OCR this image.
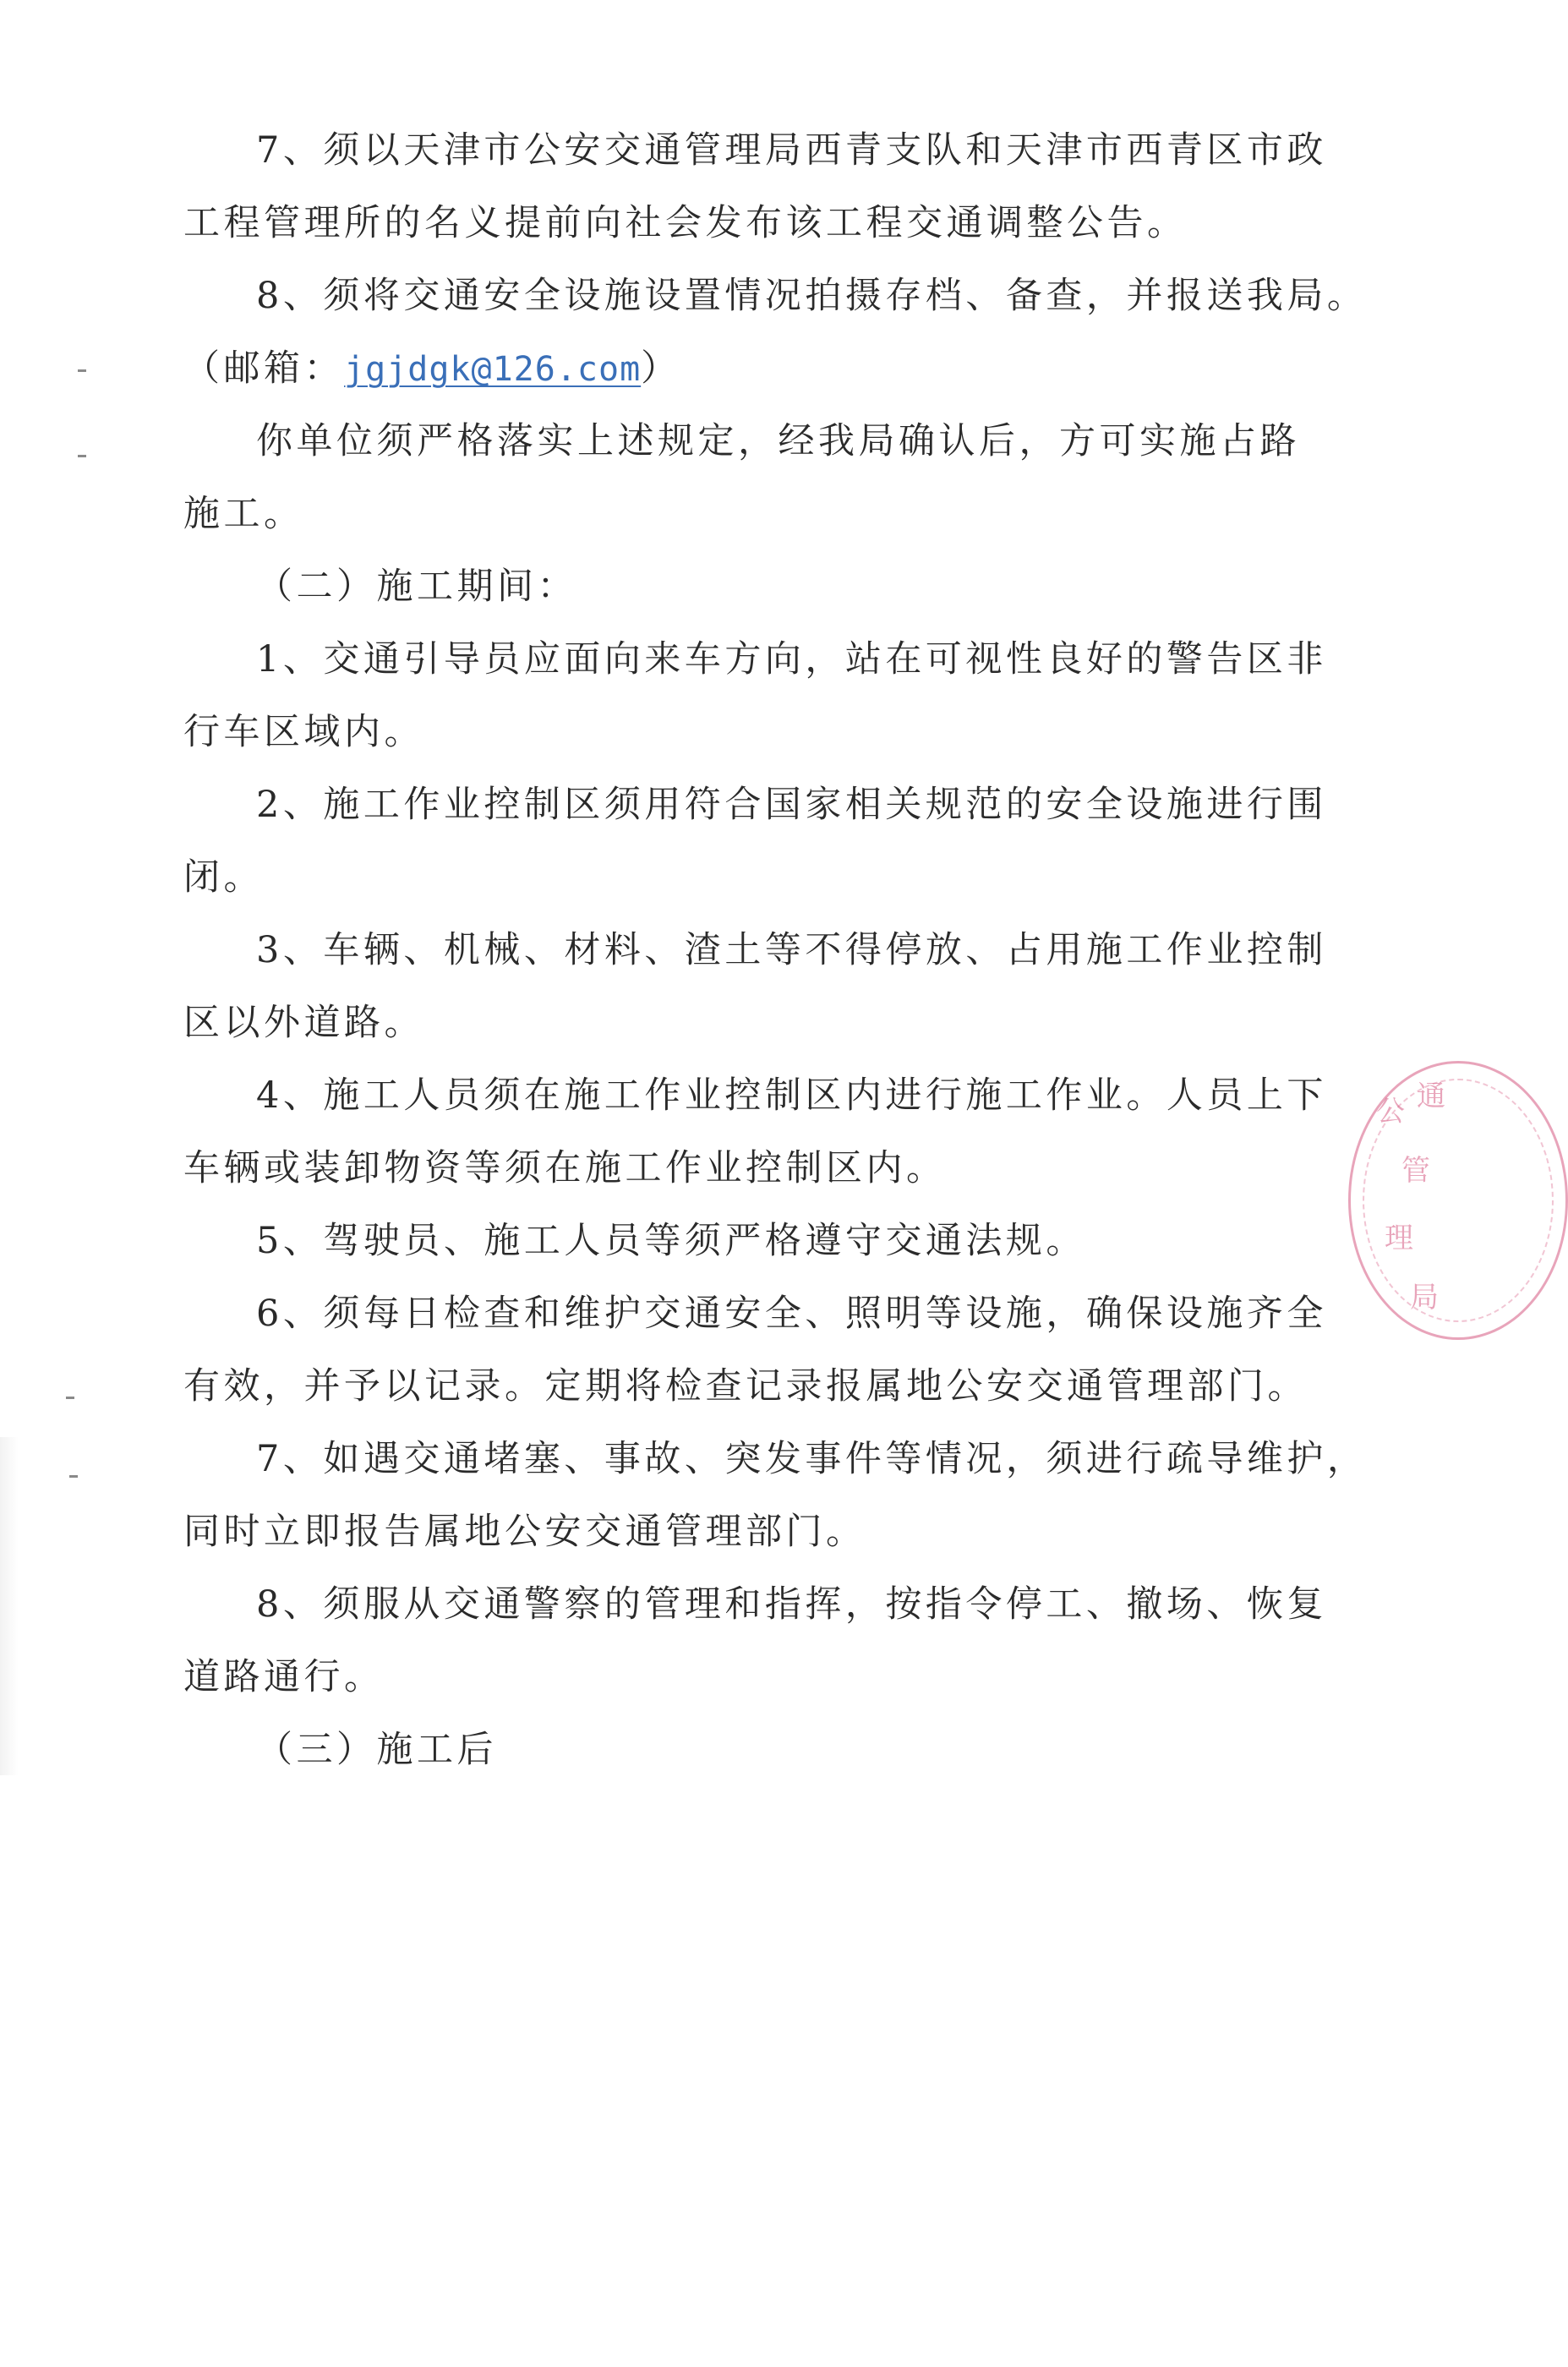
7、须以天津市公安交通管理局西青支队和天津市西青区市政
工程管理所的名义提前向社会发布该工程交通调整公告。
8、须将交通安全设施设置情况拍摄存档、备查，并报送我局。
（邮箱：jgjdgk@126.com）
你单位须严格落实上述规定，经我局确认后，方可实施占路
施工。
（二）施工期间：
1、交通引导员应面向来车方向，站在可视性良好的警告区非
行车区域内。
2、施工作业控制区须用符合国家相关规范的安全设施进行围
闭。
3、车辆、机械、材料、渣土等不得停放、占用施工作业控制
区以外道路。
4、施工人员须在施工作业控制区内进行施工作业。人员上下
车辆或装卸物资等须在施工作业控制区内。
5、驾驶员、施工人员等须严格遵守交通法规。
6、须每日检查和维护交通安全、照明等设施，确保设施齐全
有效，并予以记录。定期将检查记录报属地公安交通管理部门。
7、如遇交通堵塞、事故、突发事件等情况，须进行疏导维护，
同时立即报告属地公安交通管理部门。
8、须服从交通警察的管理和指挥，按指令停工、撤场、恢复
道路通行。
（三）施工后
公 通
管
理
局
